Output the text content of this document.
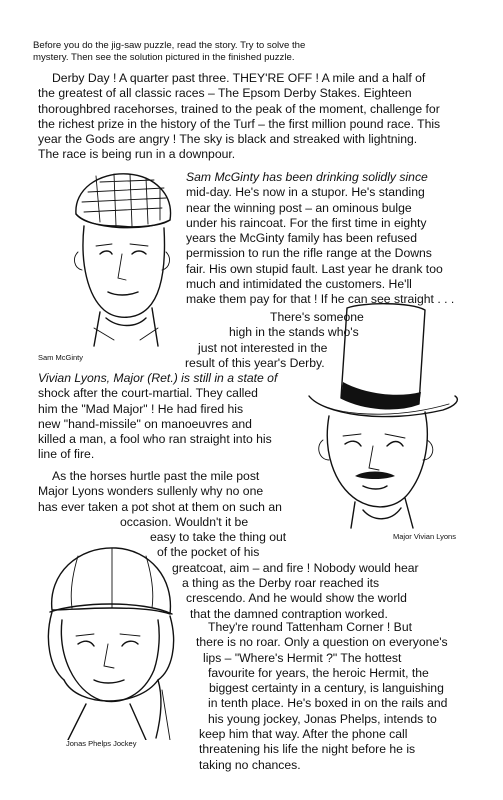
Before you do the jig-saw puzzle, read the story. Try to solve the
mystery. Then see the solution pictured in the finished puzzle.
Derby Day ! A quarter past three. THEY'RE OFF ! A mile and a half of
the greatest of all classic races – The Epsom Derby Stakes. Eighteen
thoroughbred racehorses, trained to the peak of the moment, challenge for
the richest prize in the history of the Turf – the first million pound race. This
year the Gods are angry ! The sky is black and streaked with lightning.
The race is being run in a downpour.
Sam McGinty
Sam McGinty has been drinking solidly since
mid-day. He's now in a stupor. He's standing
near the winning post – an ominous bulge
under his raincoat. For the first time in eighty
years the McGinty family has been refused
permission to run the rifle range at the Downs
fair. His own stupid fault. Last year he drank too
much and intimidated the customers. He'll
make them pay for that ! If he can see straight . . .
There's someone
high in the stands who's
just not interested in the
result of this year's Derby.
Major Vivian Lyons
Vivian Lyons, Major (Ret.) is still in a state of
shock after the court-martial. They called
him the "Mad Major" ! He had fired his
new "hand-missile" on manoeuvres and
killed a man, a fool who ran straight into his
line of fire.
As the horses hurtle past the mile post
Major Lyons wonders sullenly why no one
has ever taken a pot shot at them on such an
occasion. Wouldn't it be
easy to take the thing out
of the pocket of his
greatcoat, aim – and fire ! Nobody would hear
a thing as the Derby roar reached its
crescendo. And he would show the world
that the damned contraption worked.
Jonas Phelps Jockey
They're round Tattenham Corner ! But
there is no roar. Only a question on everyone's
lips – "Where's Hermit ?" The hottest
favourite for years, the heroic Hermit, the
biggest certainty in a century, is languishing
in tenth place. He's boxed in on the rails and
his young jockey, Jonas Phelps, intends to
keep him that way. After the phone call
threatening his life the night before he is
taking no chances.
